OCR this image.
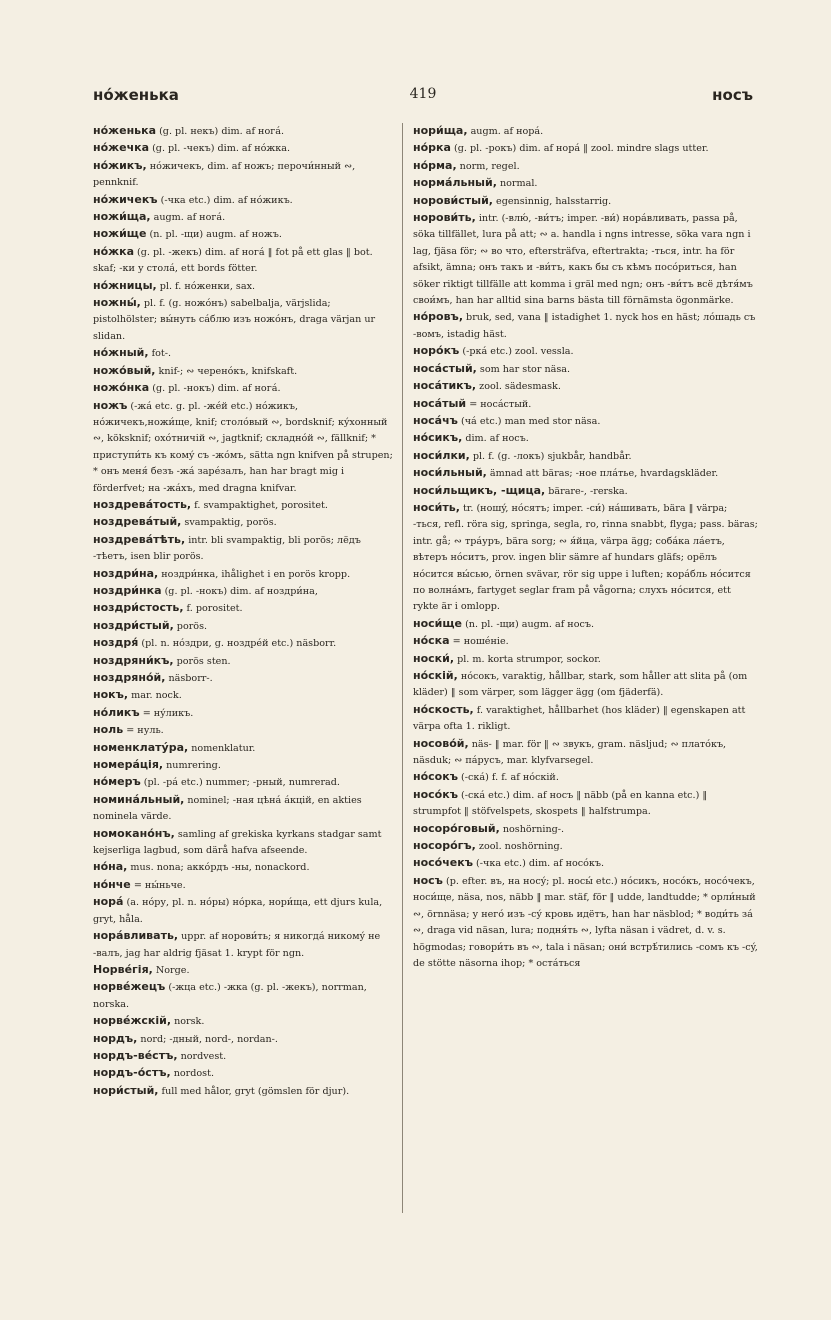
но́женька	419	носъ

но́женька (g. pl. некъ) dim. af ногá.

но́жечка (g. pl. -чекъ) dim. af но́жка.

но́жикъ, но́жичекъ, dim. af ножъ; перочи́нный ∾, pennknif.

но́жичекъ (-чка etc.) dim. af но́жикъ.

ножи́ща, augm. af ногá.

ножи́ще (n. pl. -щи) augm. af ножъ.

но́жка (g. pl. -жекъ) dim. af ногá ‖ fot på ett glas ‖ bot. skaf; -ки у столá, ett bords fötter.

но́жницы, pl. f. но́женки, sax.

ножны́, pl. f. (g. ножо́нъ) sabelbalja, värjslida; pistolhölster; вы́нуть сáблю изъ ножо́нъ, draga värjan ur slidan.

но́жный, fot-.

ножо́вый, knif-; ∾ черено́къ, knifskaft.

ножо́нка (g. pl. -нокъ) dim. af ногá.

ножъ (-жá etc. g. pl. -жéй etc.) но́жикъ, но́жичекъ,ножи́ще, knif; столо́вый ∾, bordsknif; кýхонный ∾, köksknif; охо́тничій ∾, jagtknif; складно́й ∾, fällknif; * приступи́ть къ комý съ -жо́мъ, sätta ngn knifven på strupen; * онъ меня́ безъ -жá зарéзалъ, han har bragt mig i förderfvet; на -жáхъ, med dragna knifvar.

ноздревáтость, f. svampaktighet, porositet.

ноздревáтый, svampaktig, porös.

ноздревáтѣть, intr. bli svampaktig, bli porös; лёдъ -тѣетъ, isen blir porös.

ноздри́на, ноздри́нка, ihålighet i en porös kropp.

ноздри́нка (g. pl. -нокъ) dim. af ноздри́на,

ноздри́стость, f. porositet.

ноздри́стый, porös.

ноздря́ (pl. n. но́здри, g. ноздрéй etc.) näsborr.

ноздряни́къ, porös sten.

ноздряно́й, näsborr-.

нокъ, mar. nock.

но́ликъ = нýликъ.

ноль = нуль.

номенклатýра, nomenklatur.

номерáція, numrering.

но́меръ (pl. -рá etc.) nummer; -рный, numrerad.

номинáльный, nominel; -ная цѣнá áкцій, en akties nominela värde.

номокано́нъ, samling af grekiska kyrkans stadgar samt kejserliga lagbud, som därå hafva afseende.

но́на, mus. nona; аккóрдъ -ны, nonackord.

но́нче = ны́ньче.

норá (a. но́ру, pl. n. но́ры) но́рка, нори́ща, ett djurs kula, gryt, håla.

норáвливать, uppr. af норови́ть; я никогдá никомý не -валъ, jag har aldrig fjäsat 1. krypt för ngn.

Норвéгія, Norge.

норвéжецъ (-жца etc.) -жка (g. pl. -жекъ), norrman, norska.

норвéжскій, norsk.

нордъ, nord; -дный, nord-, nordan-.

нордъ-вéстъ, nordvest.

нордъ-о́стъ, nordost.

нори́стый, full med hålor, gryt (gömslen för djur).

нори́ща, augm. af норá.

но́рка (g. pl. -рокъ) dim. af норá ‖ zool. mindre slags utter.

но́рма, norm, regel.

нормáльный, normal.

норови́стый, egensinnig, halsstarrig.

норови́ть, intr. (-влю́, -ви́тъ; imper. -ви́) норáвливать, passa på, söka tillfället, lura på att; ∾ a. handla i ngns intresse, söka vara ngn i lag, fjäsa för; ∾ во что, eftersträfva, eftertrakta; -ться, intr. ha för afsikt, ämna; онъ такъ и -ви́тъ, какъ бы съ кѣмъ посо́риться, han söker riktigt tillfälle att komma i gräl med ngn; онъ -ви́тъ всё дѣтя́мъ свои́мъ, han har alltid sina barns bästa till förnämsta ögonmärke.

но́ровъ, bruk, sed, vana ‖ istadighet 1. nyck hos en häst; ло́шадь съ -вомъ, istadig häst.

норо́къ (-ркá etc.) zool. vessla.

носáстый, som har stor näsa.

носáтикъ, zool. sädesmask.

носáтый = носáстый.

носáчъ (чá etc.) man med stor näsa.

но́сикъ, dim. af носъ.

носи́лки, pl. f. (g. -локъ) sjukbår, handbår.

носи́льный, ämnad att bäras; -ное плáтье, hvardagskläder.

носи́льщикъ, -щица, bärare-, -rerska.

носи́ть, tr. (ношý, но́сятъ; imper. -си́) нáшивать, bära ‖ värpa; -ться, refl. röra sig, springa, segla, ro, rinna snabbt, flyga; pass. bäras; intr. gå; ∾ трáуръ, bära sorg; ∾ я́йца, värpa ägg; собáка лáетъ, вѣтеръ но́ситъ, prov. ingen blir sämre af hundars gläfs; орёлъ но́сится вы́сью, örnen svävar, rör sig uppe i luften; корáбль но́сится по волнáмъ, fartyget seglar fram på vågorna; слухъ но́сится, ett rykte är i omlopp.

носи́ще (n. pl. -щи) augm. af носъ.

но́ска = ношéніе.

носки́, pl. m. korta strumpor, sockor.

но́скій, но́сокъ, varaktig, hållbar, stark, som håller att slita på (om kläder) ‖ som värper, som lägger ägg (om fjäderfä).

но́скость, f. varaktighet, hållbarhet (hos kläder) ‖ egenskapen att värpa ofta 1. rikligt.

носово́й, näs- ‖ mar. för ‖ ∾ звукъ, gram. näsljud; ∾ плато́къ, näsduk; ∾ пáрусъ, mar. klyfvarsegel.

но́сокъ (-скá) f. f. af но́скій.

носо́къ (-скá etc.) dim. af носъ ‖ näbb (på en kanna etc.) ‖ strumpfot ‖ stöfvelspets, skospets ‖ halfstrumpa.

носоро́говый, noshörning-.

носоро́гъ, zool. noshörning.

носо́чекъ (-чка etc.) dim. af носо́къ.

носъ (p. efter. въ, на носý; pl. носы́ etc.) но́сикъ, носо́къ, носо́чекъ, носи́ще, näsa, nos, näbb ‖ mar. stäf, för ‖ udde, landtudde; * орли́ный ∾, örnnäsa; у него́ изъ -сý кровь идётъ, han har näsblod; * води́ть зá ∾, draga vid näsan, lura; подня́ть ∾, lyfta näsan i vädret, d. v. s. högmodas; говори́ть въ ∾, tala i näsan; они́ встрѣ́тились -сомъ къ -сý, de stötte näsorna ihop; * остáться
